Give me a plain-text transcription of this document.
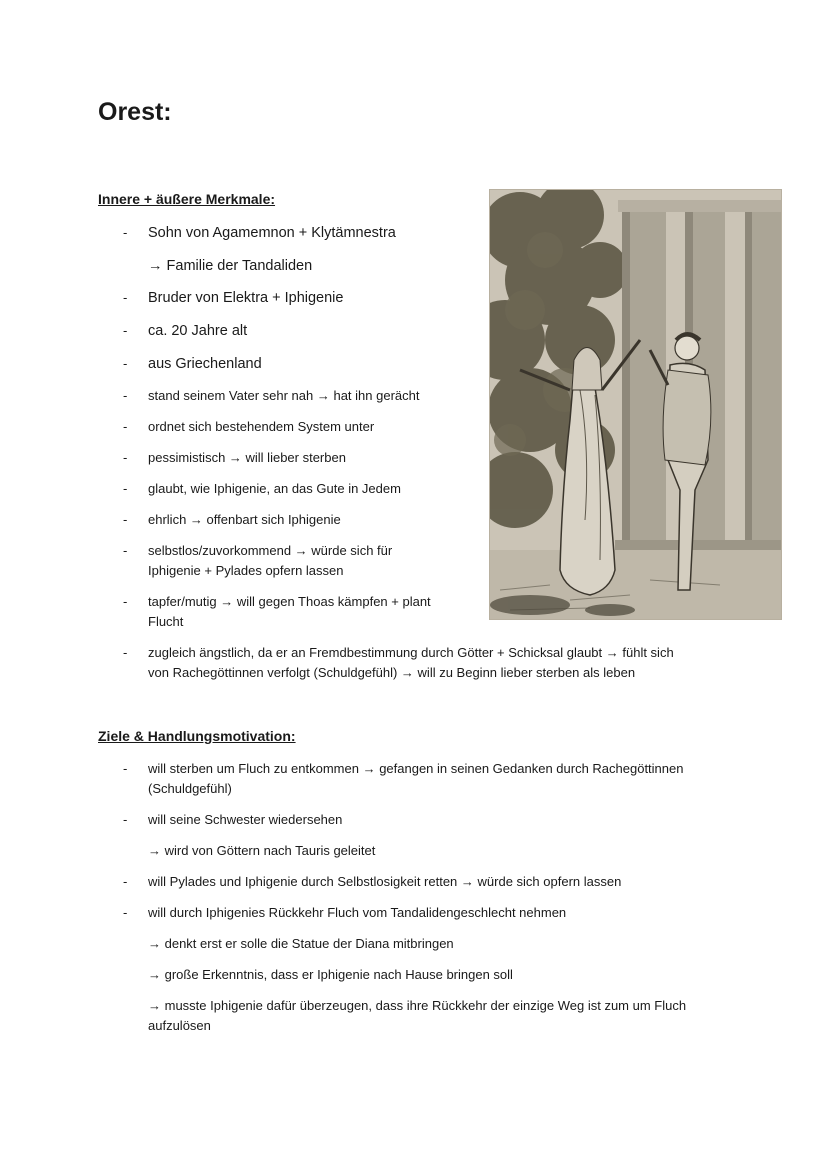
Orest:
Innere + äußere Merkmale:
-
-
-
-
-
-
-
-
-
-
-
-
Sohn von Agamemnon + Klytämnestra
→ Familie der Tandaliden
Bruder von Elektra + Iphigenie
ca. 20 Jahre alt
aus Griechenland
stand seinem Vater sehr nah → hat ihn gerächt
ordnet sich bestehendem System unter
pessimistisch → will lieber sterben
glaubt, wie Iphigenie, an das Gute in Jedem
ehrlich → offenbart sich Iphigenie
selbstlos/zuvorkommend → würde sich für
Iphigenie + Pylades opfern lassen
tapfer/mutig → will gegen Thoas kämpfen + plant
Flucht
zugleich ängstlich, da er an Fremdbestimmung durch Götter + Schicksal glaubt → fühlt sich
von Rachegöttinnen verfolgt (Schuldgefühl) → will zu Beginn lieber sterben als leben
Ziele & Handlungsmotivation:
-
-
-
-
will sterben um Fluch zu entkommen → gefangen in seinen Gedanken durch Rachegöttinnen
(Schuldgefühl)
will seine Schwester wiedersehen
→ wird von Göttern nach Tauris geleitet
will Pylades und Iphigenie durch Selbstlosigkeit retten → würde sich opfern lassen
will durch Iphigenies Rückkehr Fluch vom Tandalidengeschlecht nehmen
→ denkt erst er solle die Statue der Diana mitbringen
→ große Erkenntnis, dass er Iphigenie nach Hause bringen soll
→ musste Iphigenie dafür überzeugen, dass ihre Rückkehr der einzige Weg ist zum um Fluch
aufzulösen
